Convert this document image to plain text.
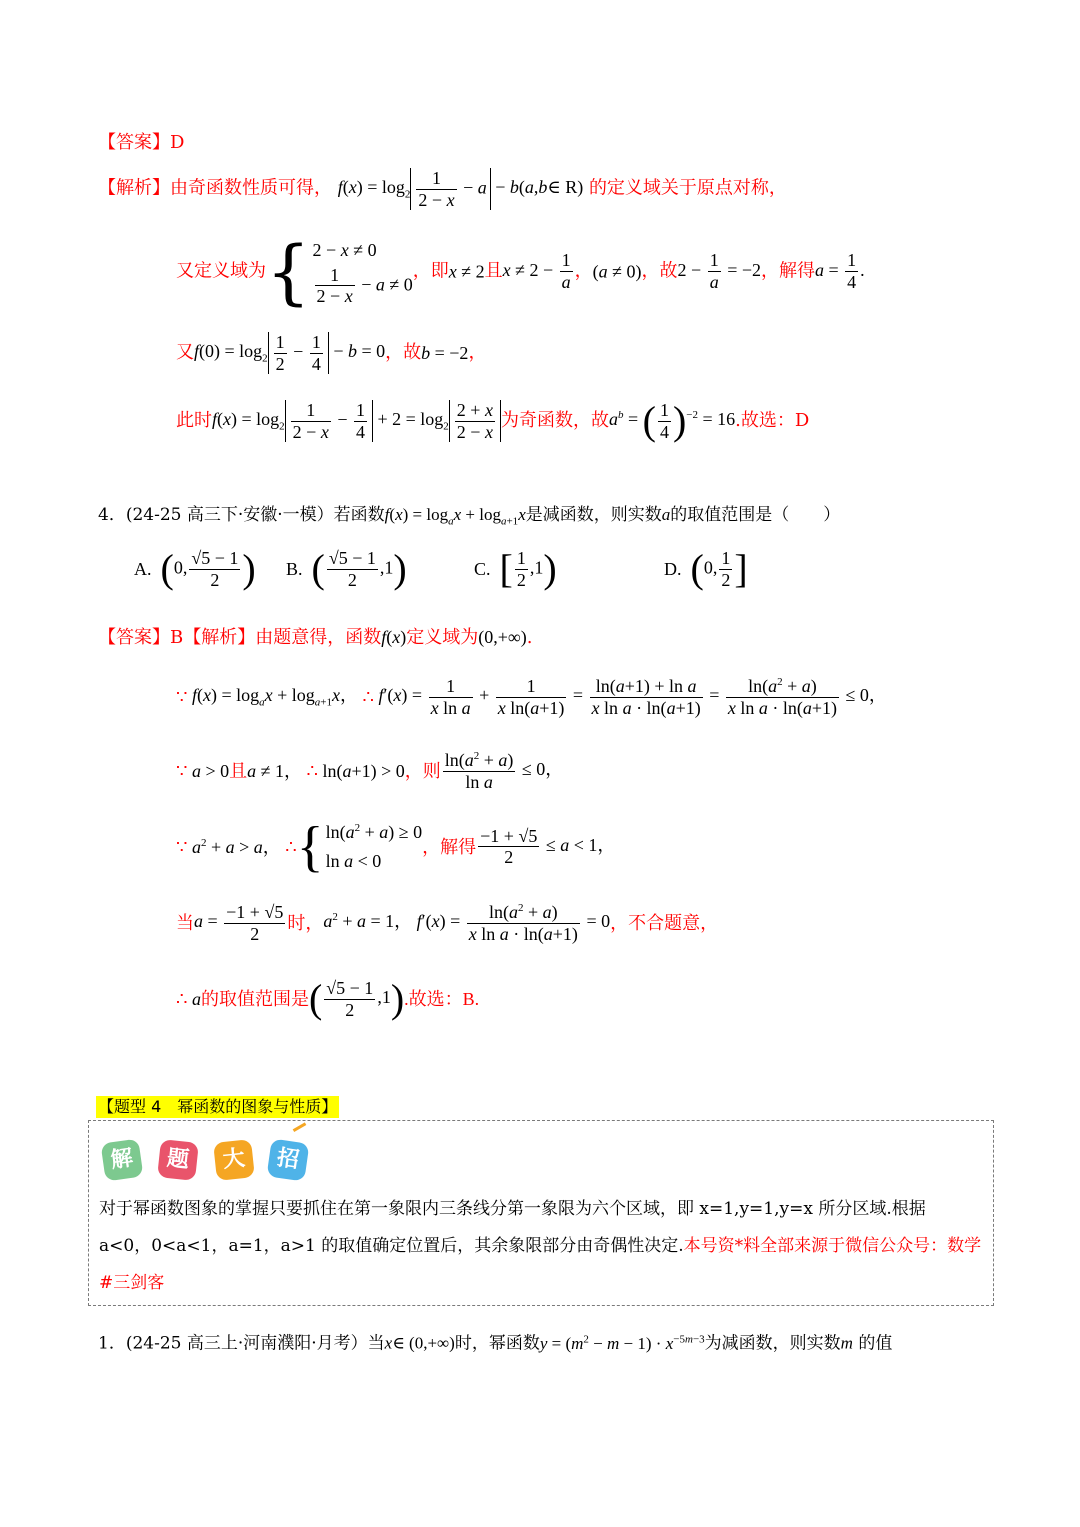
【答案】D
【解析】由奇函数性质可得， $f(x) = \log_2 \frac{1}{2 - x} - a$ − b(a,b∈ R) 的定义域关于原点对称，
又定义域为{ 2 − x ≠ 0
$\frac{1}{2 - x} - a \ne 0$
，即x ≠ 2且$x \ne 2 - \frac{1}{a}$ ，(a ≠ 0)，故$2 - \frac{1}{a} = -2$，解得$a = \frac{1}{4}$ .
又$f(0) = \log_2 \frac{1}{2} - \frac{1}{4} - b = 0$，故b = −2，
此时$f(x) = \log_2 \frac{1}{2 - x} - \frac{1}{4} + 2 = \log_2 \frac{2 + x}{2 - x}$ 为奇函数，故$a^b$ = ( $\frac{1}{4} )^{-2} = 16$.故选：D
4．(24-25 高三下·安徽·一模）若函数$f(x) = \log_ax + \log_{a+1}x$是减函数，则实数a的取值范围是（　　）
A. (0, $\frac{√5 - 1}{2}$ ) B. ( $\frac{√5 - 1}{2} ,1$)	C. [ $\frac{1}{2} ,1$)	D. (0, $\frac{1}{2}$ ]
【答案】B【解析】由题意得，函数f(x)定义域为(0,+∞).
∵ $f(x) = \log_ax + \log_{a+1}x$， ∴ $f'(x) = \frac{1}{\text{x ln a}} + \frac{1}{\text{x ln(a+1)}} = \frac{\text{ln(a+1) + ln a}}{\text{x ln a · ln(a+1)}} = \frac{\ln(a^2 + a)}{\text{x ln a · ln(a+1)}} \le 0$，
∵ a > 0且a ≠ 1， ∴ ln(a+1) > 0，则 $\frac{\ln(a^2 + a)}{\text{ln a}} \le 0$，
∵ $a^2 + a > a$， ∴{ $\ln(a^2 + a) \ge 0$
ln a < 0
，解得 $\frac{-1 + √5}{2} \le a < 1$，
当$a = \frac{-1 + √5}{2}$ 时，$a^2 + a = 1$， $f'(x) = \frac{\ln(a^2 + a)}{\text{x ln a · ln(a+1)}} = 0$，不合题意，
∴ a的取值范围是( $\frac{√5 - 1}{2} ,1$).故选：B.
【题型 4　幂函数的图象与性质】
解	题	大	招
对于幂函数图象的掌握只要抓住在第一象限内三条线分第一象限为六个区域，即 x=1,y=1,y=x 所分区域.根据 a<0，0<a<1，a=1，a>1 的取值确定位置后，其余象限部分由奇偶性决定.本号资*料全部来源于微信公众号：数学#三剑客
1．(24-25 高三上·河南濮阳·月考）当x∈ (0,+∞)时，幂函数$y = (m^2 - m - 1) \cdot x^{-5m-3}$为减函数，则实数m 的值
